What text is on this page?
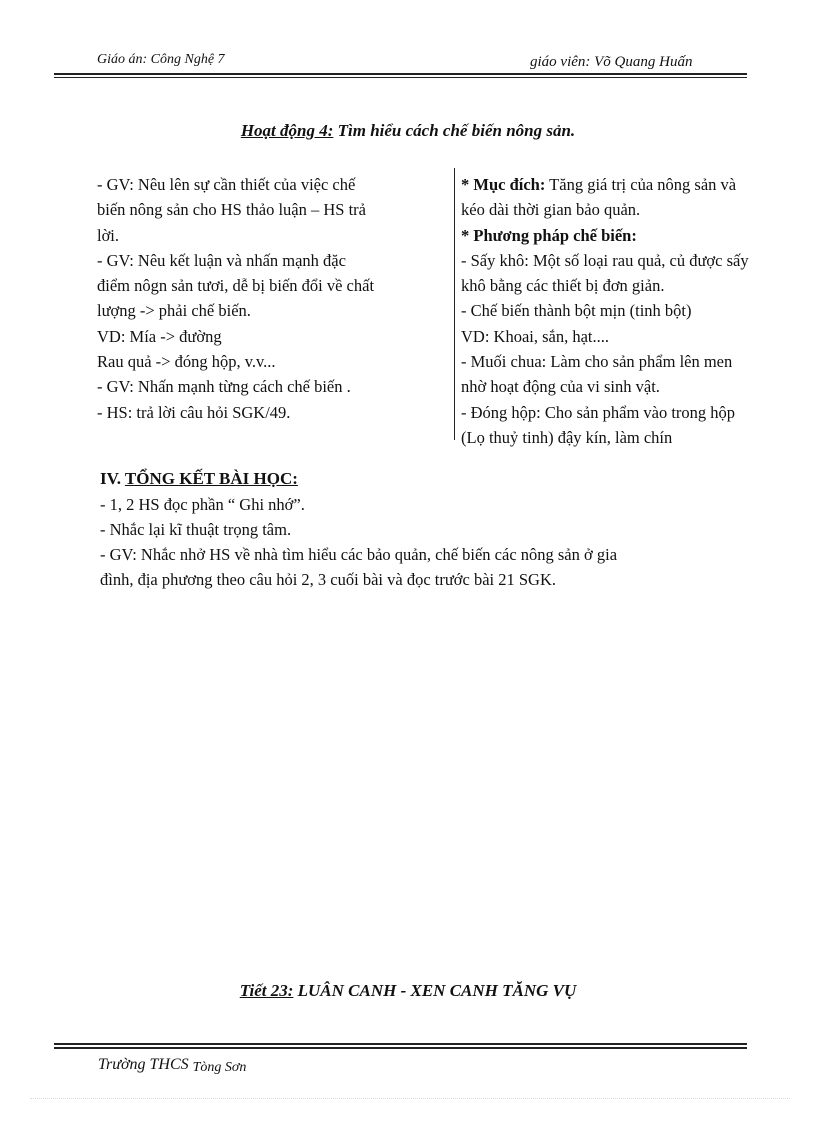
Giáo án: Công Nghệ 7	giáo viên: Võ Quang Huấn
Hoạt động 4: Tìm hiểu cách chế biến nông sản.
- GV: Nêu lên sự cần thiết của việc chế
biến nông sản cho HS thảo luận – HS trả
lời.
- GV: Nêu kết luận và nhấn mạnh đặc
điểm nôgn sản tươi, dễ bị biến đổi về chất
lượng -> phải chế biến.
VD: Mía -> đường
Rau quả -> đóng hộp, v.v...
- GV: Nhấn mạnh từng cách chế biến .
- HS: trả lời câu hỏi SGK/49.
* Mục đích: Tăng giá trị của nông sản và
kéo dài thời gian bảo quản.
* Phương pháp chế biến:
- Sấy khô: Một số loại rau quả, củ được sấy
khô bằng các thiết bị đơn giản.
- Chế biến thành bột mịn (tinh bột)
VD: Khoai, sắn, hạt....
- Muối chua: Làm cho sản phẩm lên men
nhờ hoạt động của vi sinh vật.
- Đóng hộp: Cho sản phẩm vào trong hộp
(Lọ thuỷ tinh) đậy kín, làm chín
IV. TỔNG KẾT BÀI HỌC:
- 1, 2 HS đọc phần “ Ghi nhớ”.
- Nhắc lại kĩ thuật trọng tâm.
- GV: Nhắc nhở HS về nhà tìm hiểu các bảo quản, chế biến các nông sản ở gia
đình, địa phương theo câu hỏi 2, 3 cuối bài và đọc trước bài 21 SGK.
Tiết 23: LUÂN CANH - XEN CANH TĂNG VỤ
Trường THCS Tòng Sơn
